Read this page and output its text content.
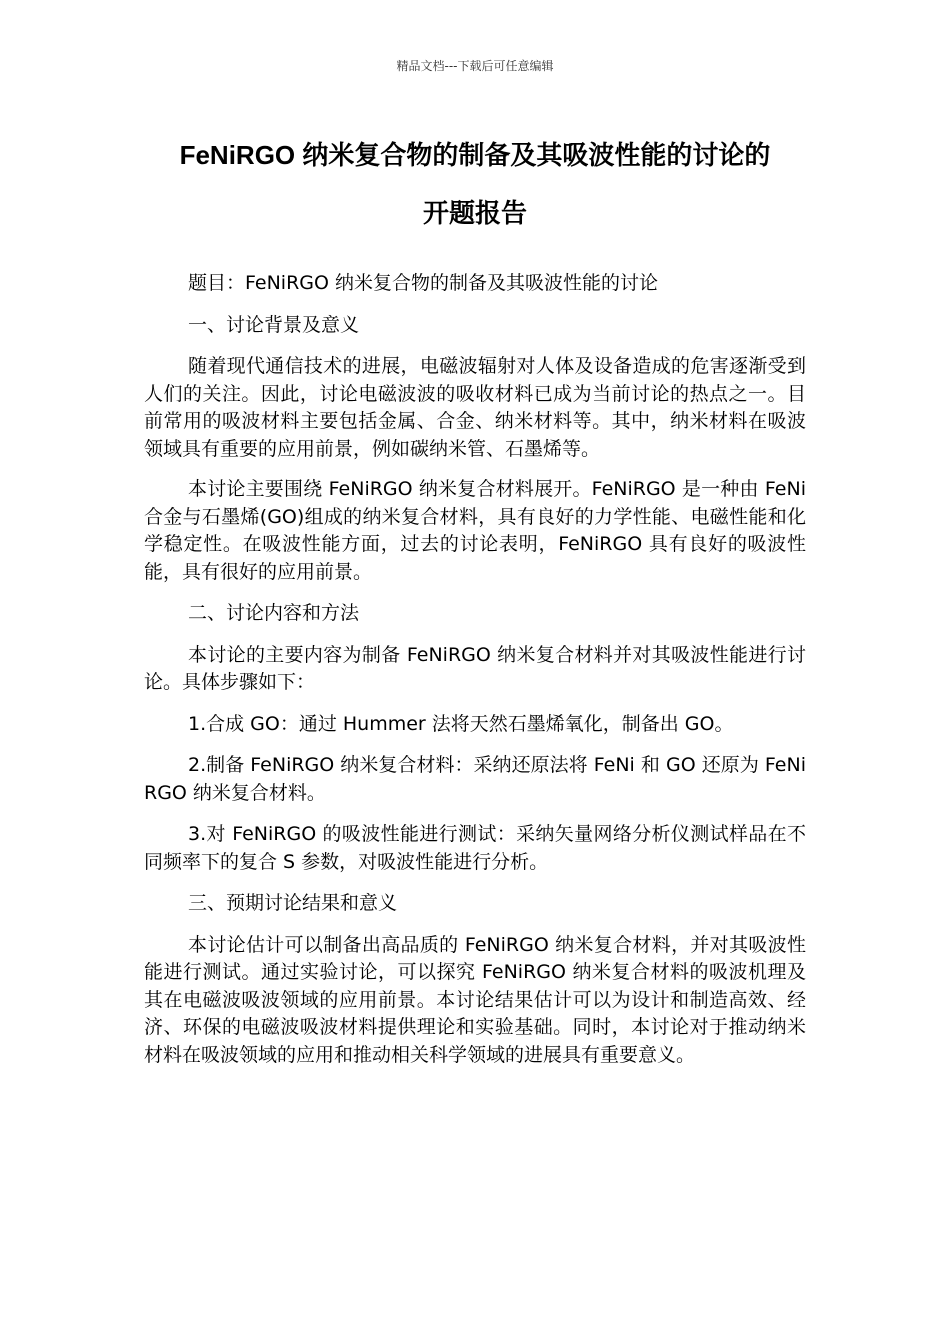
精品文档---下载后可任意编辑
FeNiRGO 纳米复合物的制备及其吸波性能的讨论的
开题报告

题目：FeNiRGO 纳米复合物的制备及其吸波性能的讨论

一、讨论背景及意义

随着现代通信技术的进展，电磁波辐射对人体及设备造成的危害逐渐受到人们的关注。因此，讨论电磁波波的吸收材料已成为当前讨论的热点之一。目前常用的吸波材料主要包括金属、合金、纳米材料等。其中，纳米材料在吸波领域具有重要的应用前景，例如碳纳米管、石墨烯等。

本讨论主要围绕 FeNiRGO 纳米复合材料展开。FeNiRGO 是一种由 FeNi 合金与石墨烯(GO)组成的纳米复合材料，具有良好的力学性能、电磁性能和化学稳定性。在吸波性能方面，过去的讨论表明，FeNiRGO 具有良好的吸波性能，具有很好的应用前景。

二、讨论内容和方法

本讨论的主要内容为制备 FeNiRGO 纳米复合材料并对其吸波性能进行讨论。具体步骤如下：

1.合成 GO：通过 Hummer 法将天然石墨烯氧化，制备出 GO。

2.制备 FeNiRGO 纳米复合材料：采纳还原法将 FeNi 和 GO 还原为 FeNiRGO 纳米复合材料。

3.对 FeNiRGO 的吸波性能进行测试：采纳矢量网络分析仪测试样品在不同频率下的复合 S 参数，对吸波性能进行分析。

三、预期讨论结果和意义

本讨论估计可以制备出高品质的 FeNiRGO 纳米复合材料，并对其吸波性能进行测试。通过实验讨论，可以探究 FeNiRGO 纳米复合材料的吸波机理及其在电磁波吸波领域的应用前景。本讨论结果估计可以为设计和制造高效、经济、环保的电磁波吸波材料提供理论和实验基础。同时，本讨论对于推动纳米材料在吸波领域的应用和推动相关科学领域的进展具有重要意义。
